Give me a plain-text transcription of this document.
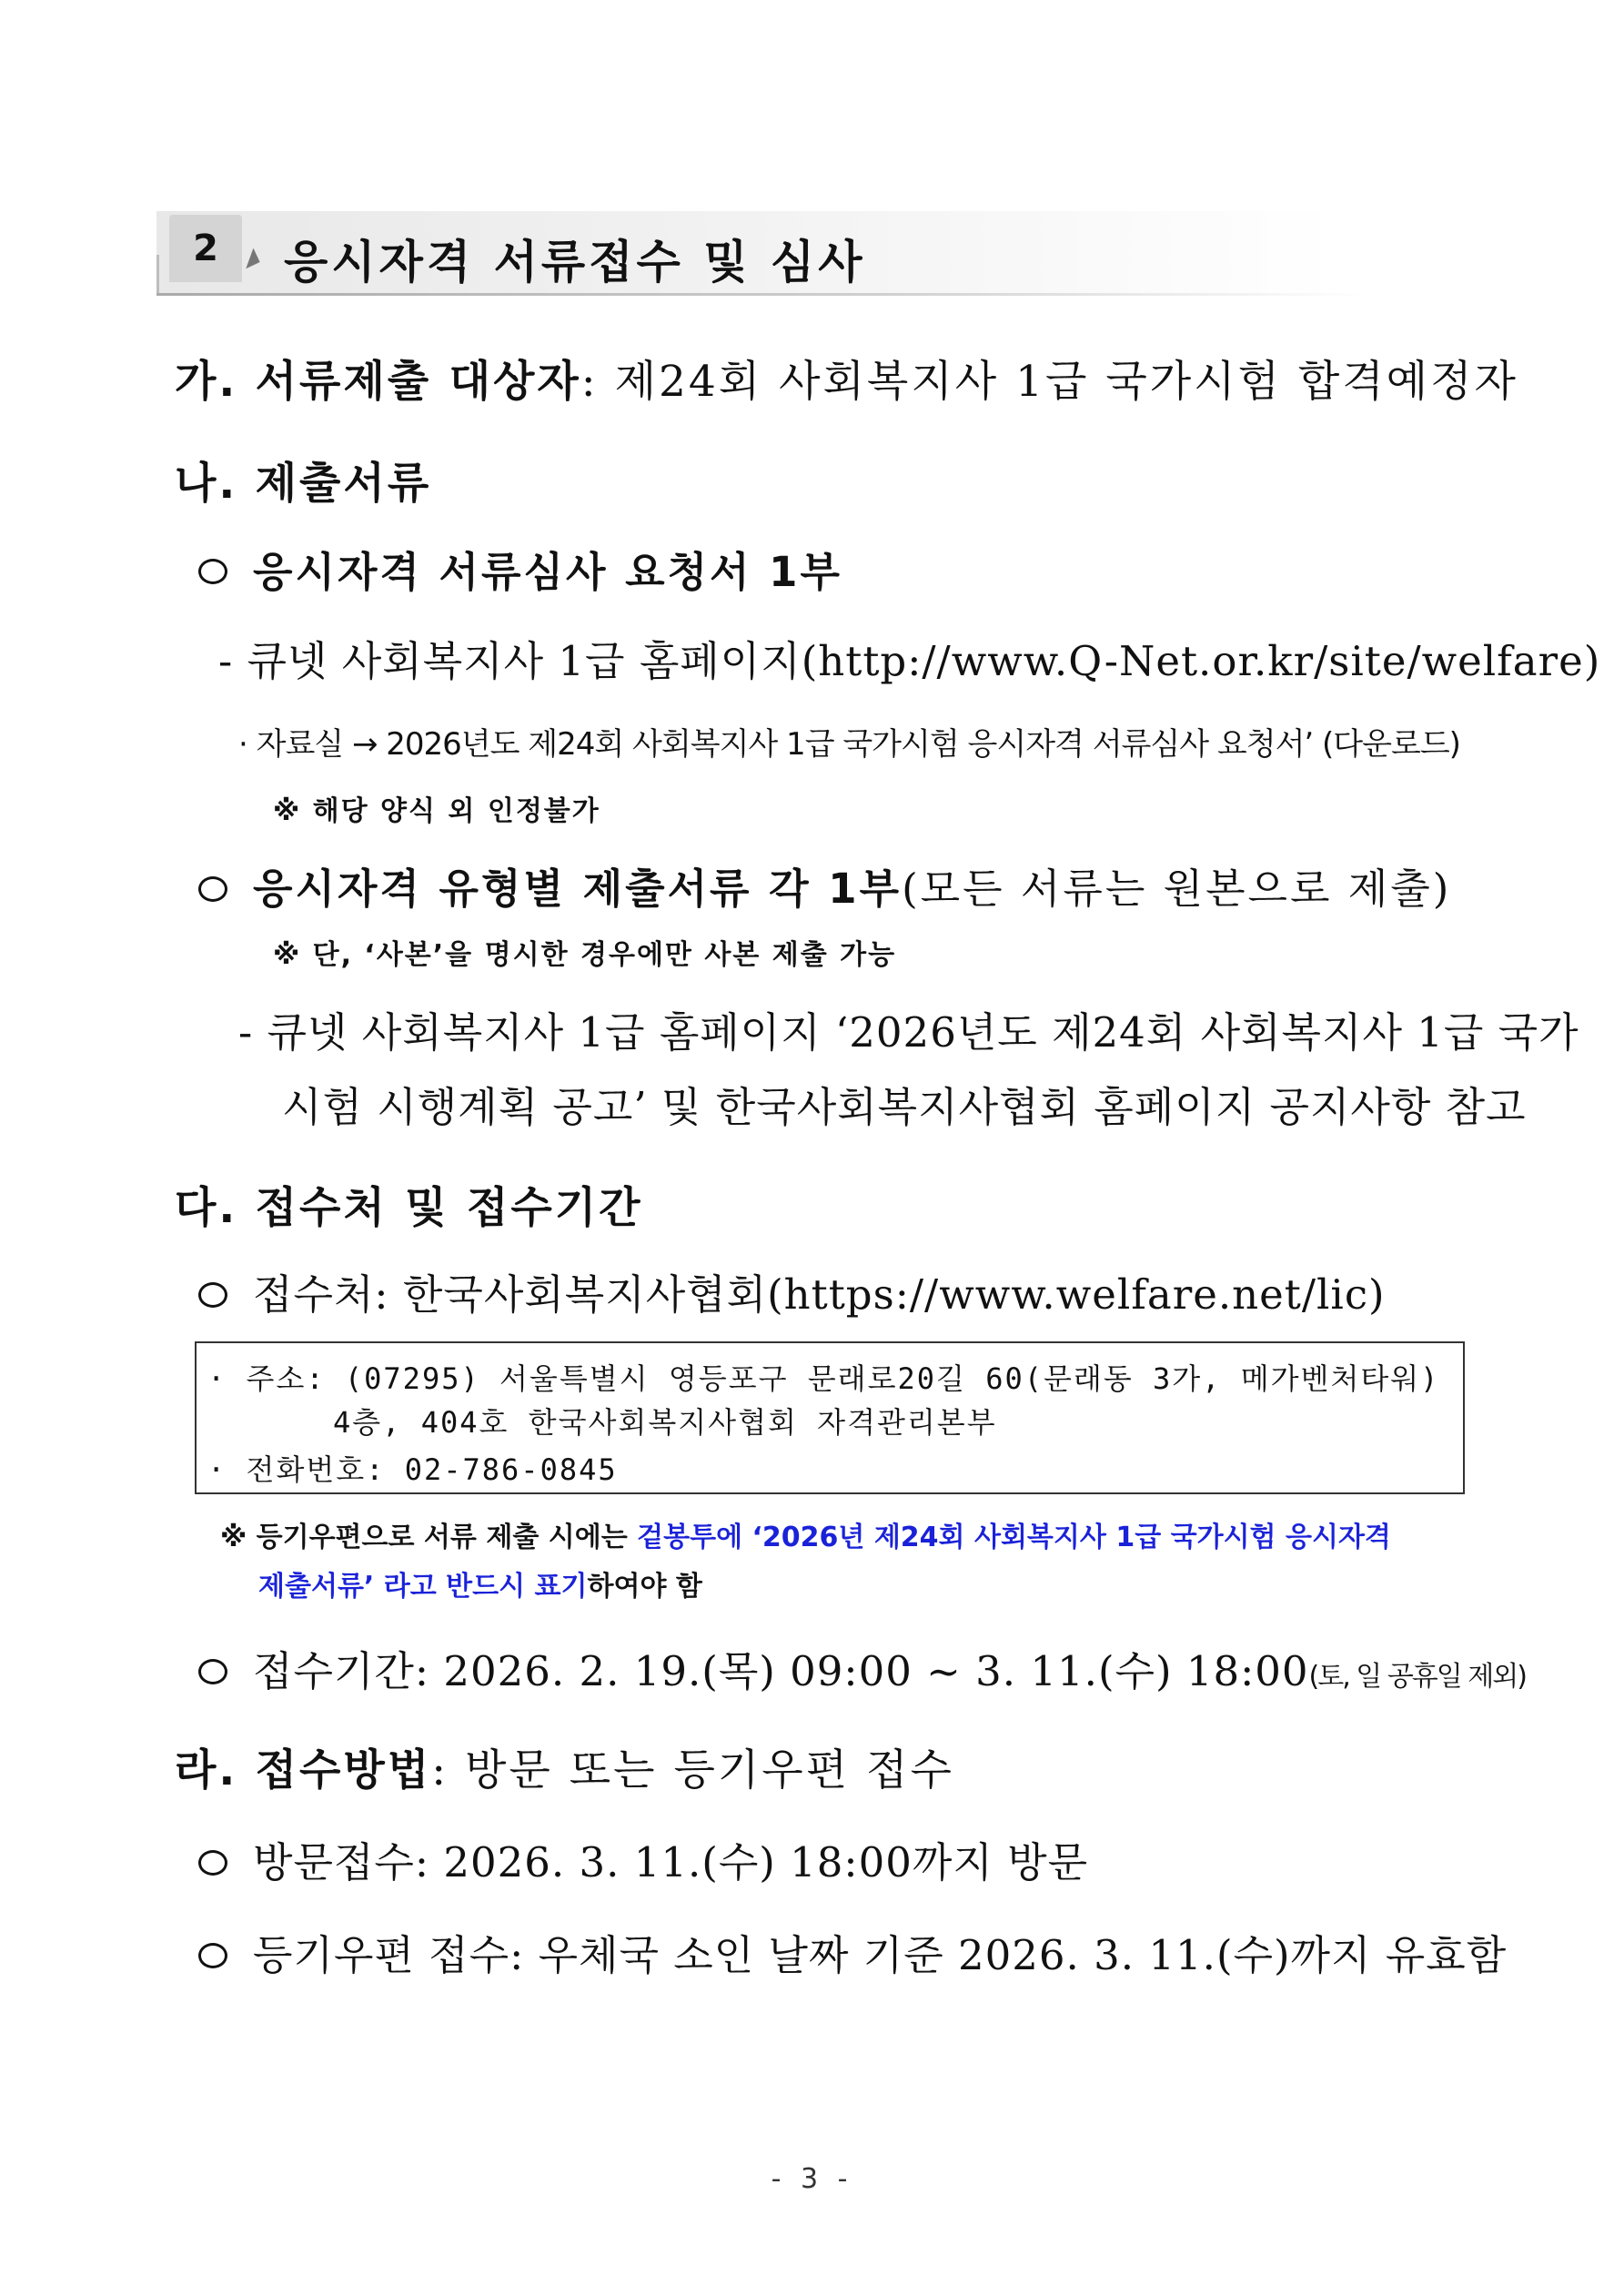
2	응시자격 서류접수 및 심사
가. 서류제출 대상자: 제24회 사회복지사 1급 국가시험 합격예정자
나. 제출서류
응시자격 서류심사 요청서 1부
- 큐넷 사회복지사 1급 홈페이지(http://www.Q-Net.or.kr/site/welfare)
· 자료실 → 2026년도 제24회 사회복지사 1급 국가시험 응시자격 서류심사 요청서’ (다운로드)
※ 해당 양식 외 인정불가
응시자격 유형별 제출서류 각 1부(모든 서류는 원본으로 제출)
※ 단, ‘사본’을 명시한 경우에만 사본 제출 가능
- 큐넷 사회복지사 1급 홈페이지 ‘2026년도 제24회 사회복지사 1급 국가
시험 시행계획 공고’ 및 한국사회복지사협회 홈페이지 공지사항 참고
다. 접수처 및 접수기간
접수처: 한국사회복지사협회(https://www.welfare.net/lic)
· 주소: (07295) 서울특별시 영등포구 문래로20길 60(문래동 3가, 메가벤처타워)
4층, 404호 한국사회복지사협회 자격관리본부
· 전화번호: 02-786-0845
※ 등기우편으로 서류 제출 시에는 겉봉투에 ‘2026년 제24회 사회복지사 1급 국가시험 응시자격
제출서류’ 라고 반드시 표기하여야 함
접수기간: 2026. 2. 19.(목) 09:00 ~ 3. 11.(수) 18:00(토, 일 공휴일 제외)
라. 접수방법: 방문 또는 등기우편 접수
방문접수: 2026. 3. 11.(수) 18:00까지 방문
등기우편 접수: 우체국 소인 날짜 기준 2026. 3. 11.(수)까지 유효함
- 3 -
